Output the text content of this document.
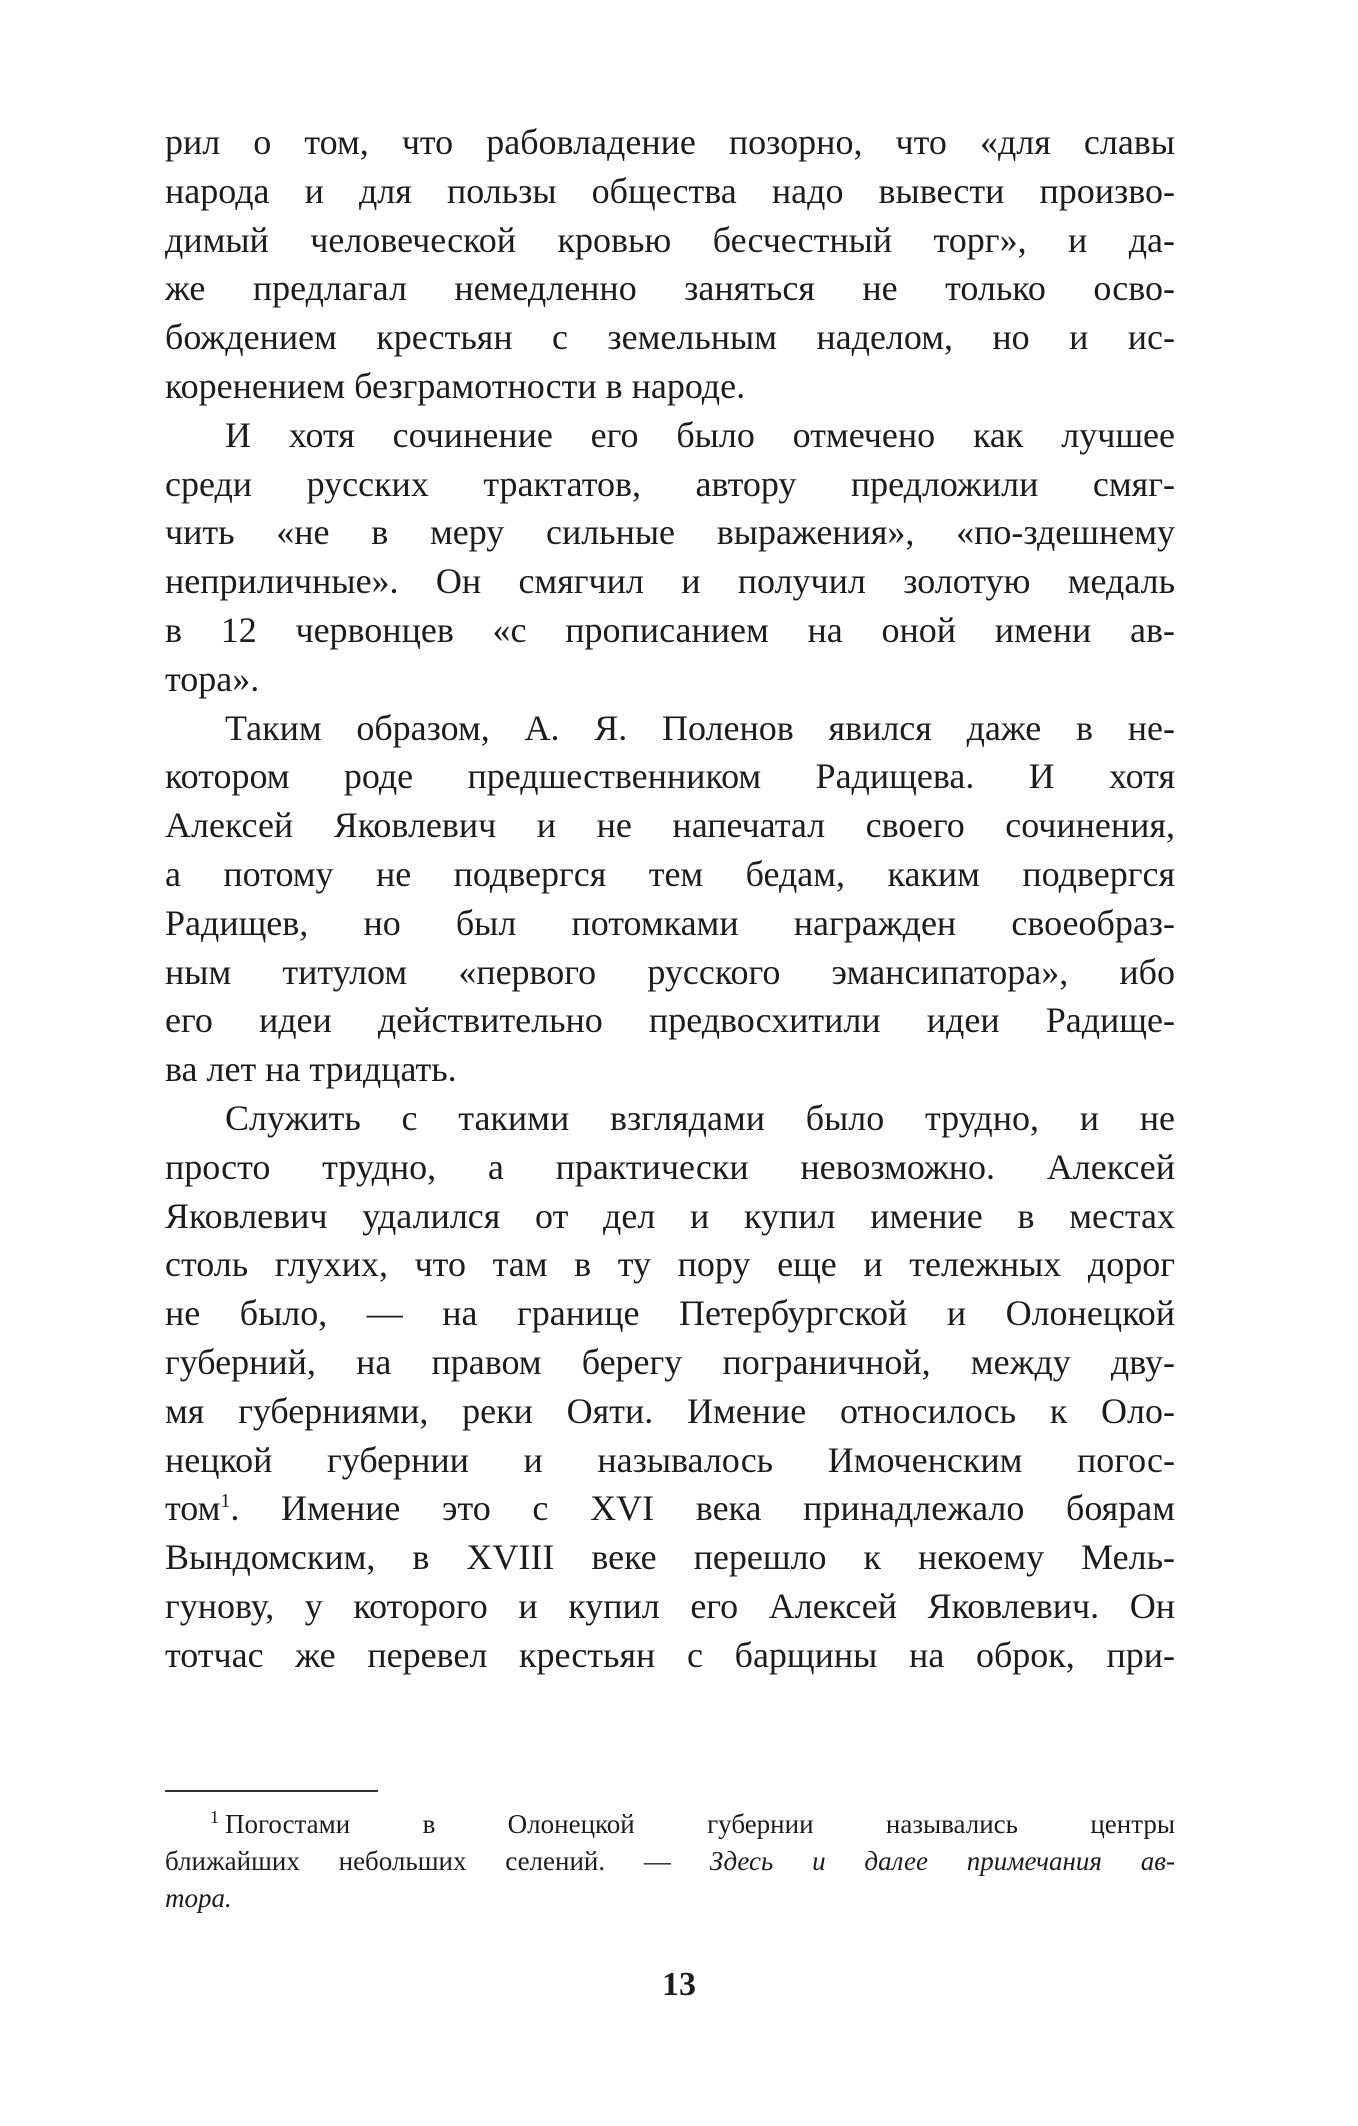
рил о том, что рабовладение позорно, что «для славы
народа и для пользы общества надо вывести произво-
димый человеческой кровью бесчестный торг», и да-
же предлагал немедленно заняться не только осво-
бождением крестьян с земельным наделом, но и ис-
коренением безграмотности в народе.
И хотя сочинение его было отмечено как лучшее
среди русских трактатов, автору предложили смяг-
чить «не в меру сильные выражения», «по-здешнему
неприличные». Он смягчил и получил золотую медаль
в 12 червонцев «с прописанием на оной имени ав-
тора».
Таким образом, А. Я. Поленов явился даже в не-
котором роде предшественником Радищева. И хотя
Алексей Яковлевич и не напечатал своего сочинения,
а потому не подвергся тем бедам, каким подвергся
Радищев, но был потомками награжден своеобраз-
ным титулом «первого русского эмансипатора», ибо
его идеи действительно предвосхитили идеи Радище-
ва лет на тридцать.
Служить с такими взглядами было трудно, и не
просто трудно, а практически невозможно. Алексей
Яковлевич удалился от дел и купил имение в местах
столь глухих, что там в ту пору еще и тележных дорог
не было, — на границе Петербургской и Олонецкой
губерний, на правом берегу пограничной, между дву-
мя губерниями, реки Ояти. Имение относилось к Оло-
нецкой губернии и называлось Имоченским погос-
том$^1$. Имение это с XVI века принадлежало боярам
Вындомским, в XVIII веке перешло к некоему Мель-
гунову, у которого и купил его Алексей Яковлевич. Он
тотчас же перевел крестьян с барщины на оброк, при-
$^1$ Погостами в Олонецкой губернии назывались центры
ближайших небольших селений. — Здесь и далее примечания ав-
тора.
13
